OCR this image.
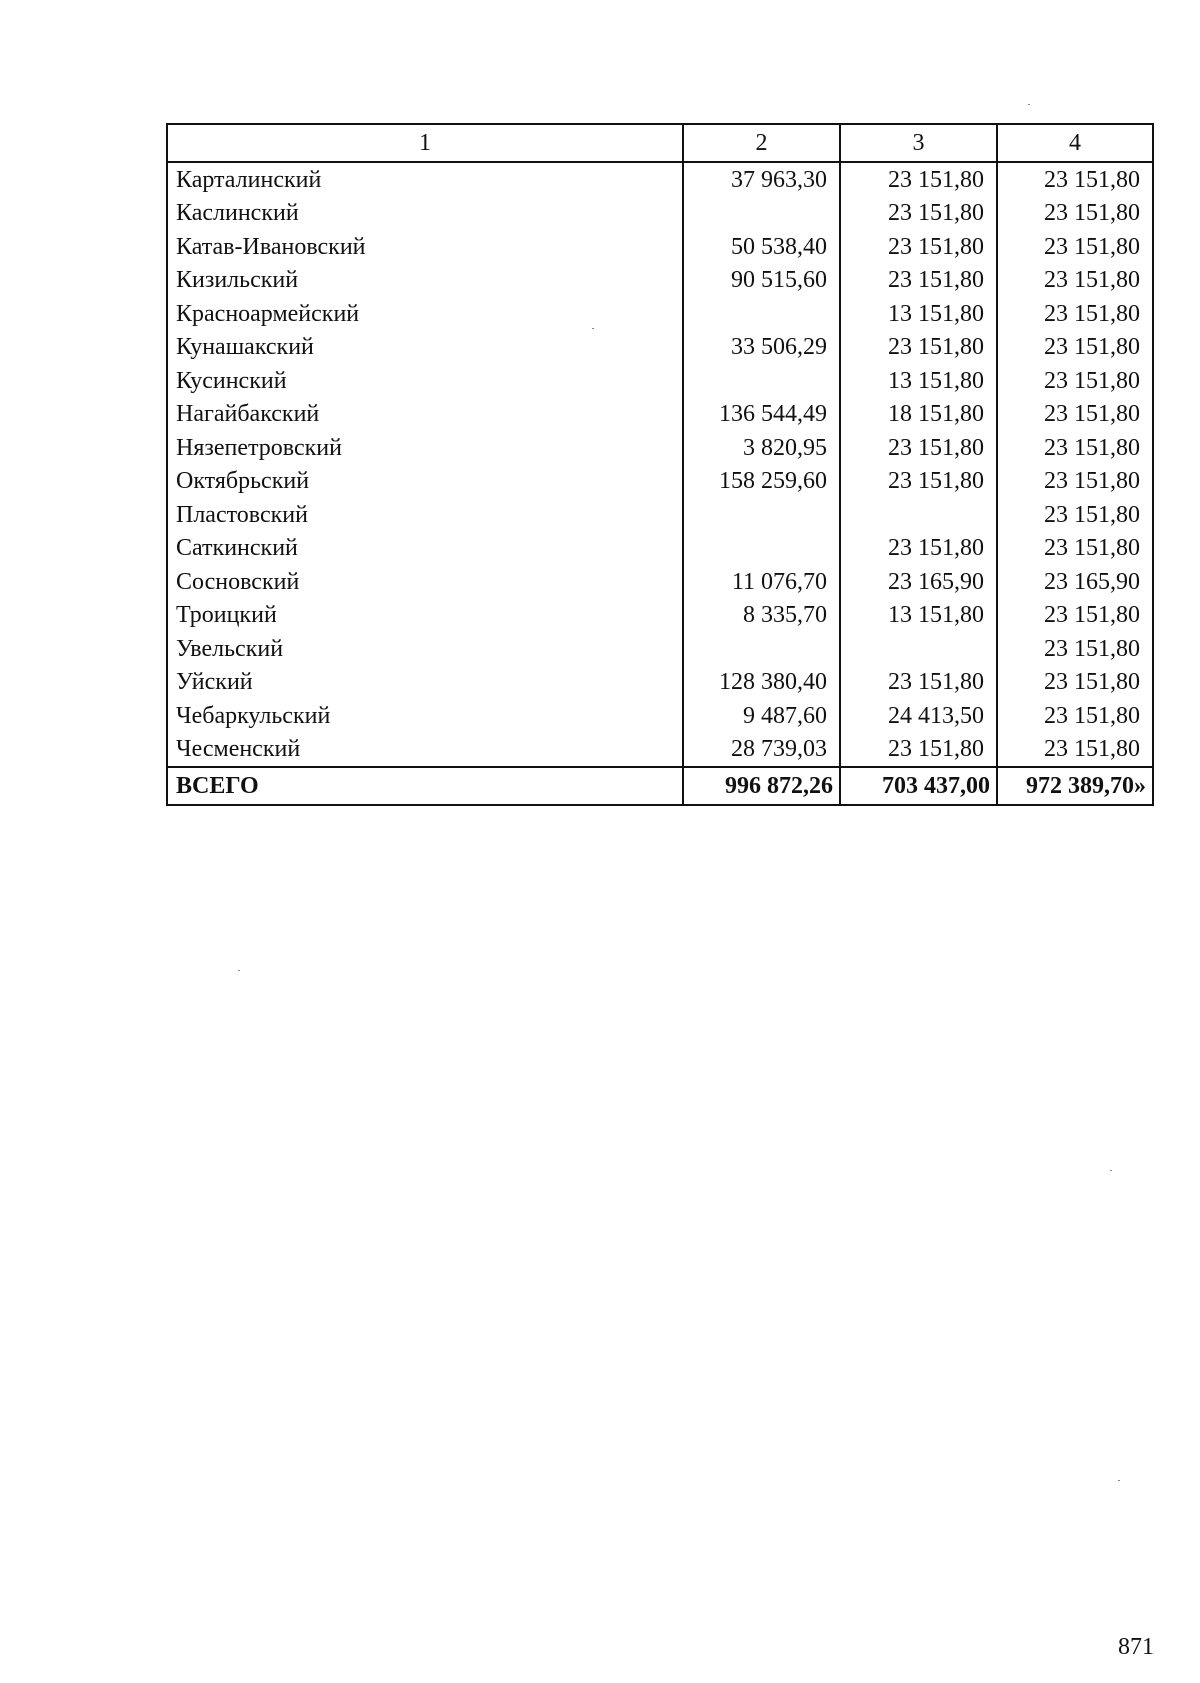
1	2	3	4
Карталинский	37 963,30	23 151,80	23 151,80
Каслинский		23 151,80	23 151,80
Катав-Ивановский	50 538,40	23 151,80	23 151,80
Кизильский	90 515,60	23 151,80	23 151,80
Красноармейский		13 151,80	23 151,80
Кунашакский	33 506,29	23 151,80	23 151,80
Кусинский		13 151,80	23 151,80
Нагайбакский	136 544,49	18 151,80	23 151,80
Нязепетровский	3 820,95	23 151,80	23 151,80
Октябрьский	158 259,60	23 151,80	23 151,80
Пластовский			23 151,80
Саткинский		23 151,80	23 151,80
Сосновский	11 076,70	23 165,90	23 165,90
Троицкий	8 335,70	13 151,80	23 151,80
Увельский			23 151,80
Уйский	128 380,40	23 151,80	23 151,80
Чебаркульский	9 487,60	24 413,50	23 151,80
Чесменский	28 739,03	23 151,80	23 151,80
ВСЕГО	996 872,26	703 437,00	972 389,70»
871
